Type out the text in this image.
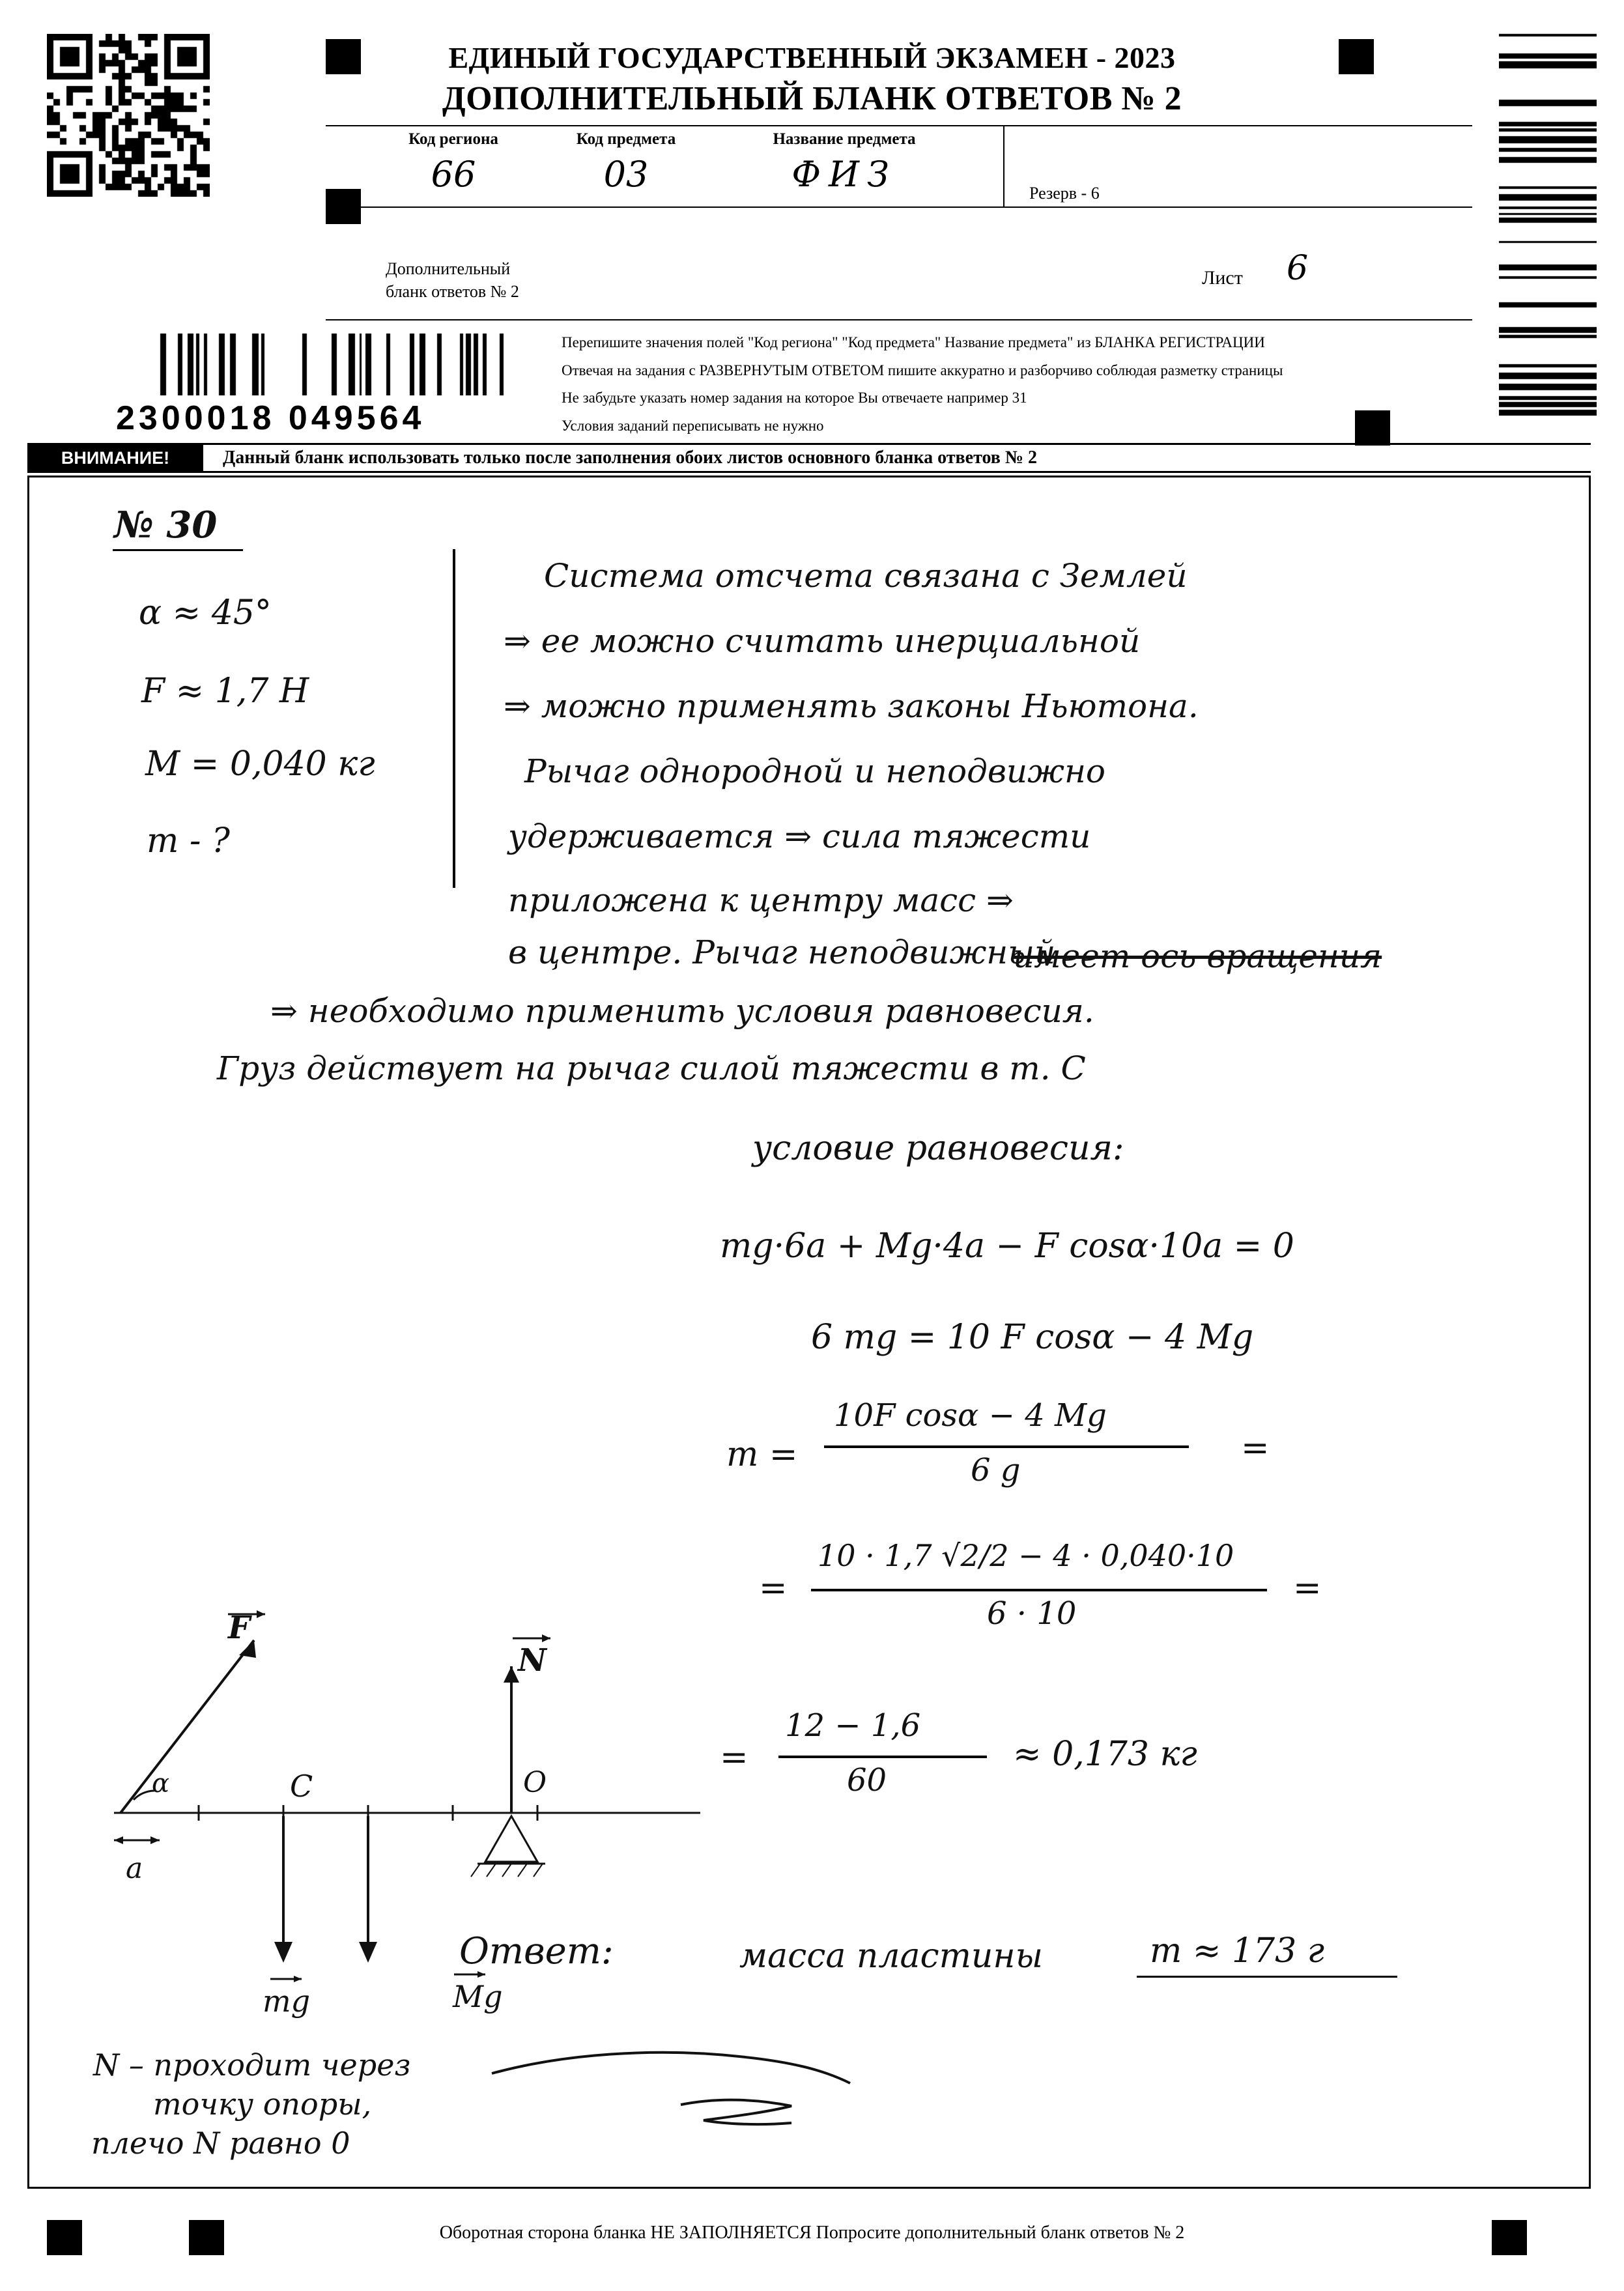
ЕДИНЫЙ ГОСУДАРСТВЕННЫЙ ЭКЗАМЕН - 2023
ДОПОЛНИТЕЛЬНЫЙ БЛАНК ОТВЕТОВ № 2
Код региона
66
Код предмета
03
Название предмета
ФИЗ	Резерв - 6
Дополнительный
бланк ответов № 2
Лист 6
2300018 049564
Перепишите значения полей "Код региона" "Код предмета" Название предмета" из БЛАНКА РЕГИСТРАЦИИ
Отвечая на задания с РАЗВЕРНУТЫМ ОТВЕТОМ пишите аккуратно и разборчиво соблюдая разметку страницы
Не забудьте указать номер задания на которое Вы отвечаете например 31
Условия заданий переписывать не нужно
ВНИМАНИЕ!	Данный бланк использовать только после заполнения обоих листов основного бланка ответов № 2
№ 30
α ≈ 45°
F ≈ 1,7 H
M = 0,040 кг
m - ?
Система отсчета связана с Землей
⇒ ее можно считать инерциальной
⇒ можно применять законы Ньютона.
Рычаг однородной и неподвижно
удерживается ⇒ сила тяжести
приложена к центру масс ⇒
в центре. Рычаг неподвижный
имеет ось вращения
⇒ необходимо применить условия равновесия.
Груз действует на рычаг силой тяжести в т. С
условие равновесия:
F
α	C
N
O
a
mg	Mg
N – проходит через
точку опоры,
плечо N равно 0
mg·6a + Mg·4a − F cosα·10a = 0
6 mg = 10 F cosα − 4 Mg
m =
10F cosα − 4 Mg
6 g
=
10 · 1,7 √2/2 − 4 · 0,040·10
6 · 10
=
=
=
12 − 1,6
60
≈ 0,173 кг
Ответ:	масса пластины	m ≈ 173 г
Оборотная сторона бланка НЕ ЗАПОЛНЯЕТСЯ Попросите дополнительный бланк ответов № 2
